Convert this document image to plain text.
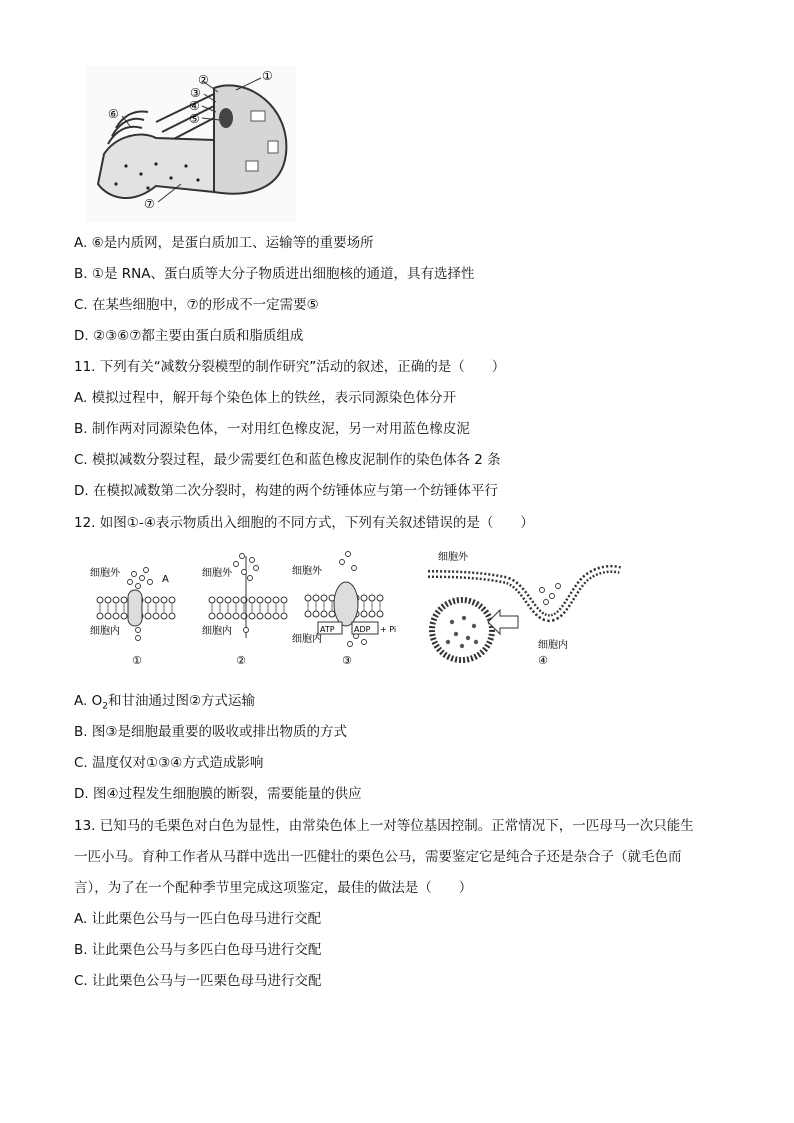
②	①
③
④
⑤
⑥
⑦
A. ⑥是内质网，是蛋白质加工、运输等的重要场所
B. ①是 RNA、蛋白质等大分子物质进出细胞核的通道，具有选择性
C. 在某些细胞中，⑦的形成不一定需要⑤
D. ②③⑥⑦都主要由蛋白质和脂质组成
11. 下列有关“减数分裂模型的制作研究”活动的叙述，正确的是（　　）
A. 模拟过程中，解开每个染色体上的铁丝，表示同源染色体分开
B. 制作两对同源染色体，一对用红色橡皮泥，另一对用蓝色橡皮泥
C. 模拟减数分裂过程，最少需要红色和蓝色橡皮泥制作的染色体各 2 条
D. 在模拟减数第二次分裂时，构建的两个纺锤体应与第一个纺锤体平行
12. 如图①-④表示物质出入细胞的不同方式，下列有关叙述错误的是（　　）
细胞外
细胞内
A
①
细胞外
细胞内
②
ATP ADP + Pi
细胞外
细胞内
③
细胞外
细胞内
④
A. $O_2$和甘油通过图②方式运输
B. 图③是细胞最重要的吸收或排出物质的方式
C. 温度仅对①③④方式造成影响
D. 图④过程发生细胞膜的断裂，需要能量的供应
13. 已知马的毛栗色对白色为显性，由常染色体上一对等位基因控制。正常情况下，一匹母马一次只能生
一匹小马。育种工作者从马群中选出一匹健壮的栗色公马，需要鉴定它是纯合子还是杂合子（就毛色而
言），为了在一个配种季节里完成这项鉴定，最佳的做法是（　　）
A. 让此栗色公马与一匹白色母马进行交配
B. 让此栗色公马与多匹白色母马进行交配
C. 让此栗色公马与一匹栗色母马进行交配
